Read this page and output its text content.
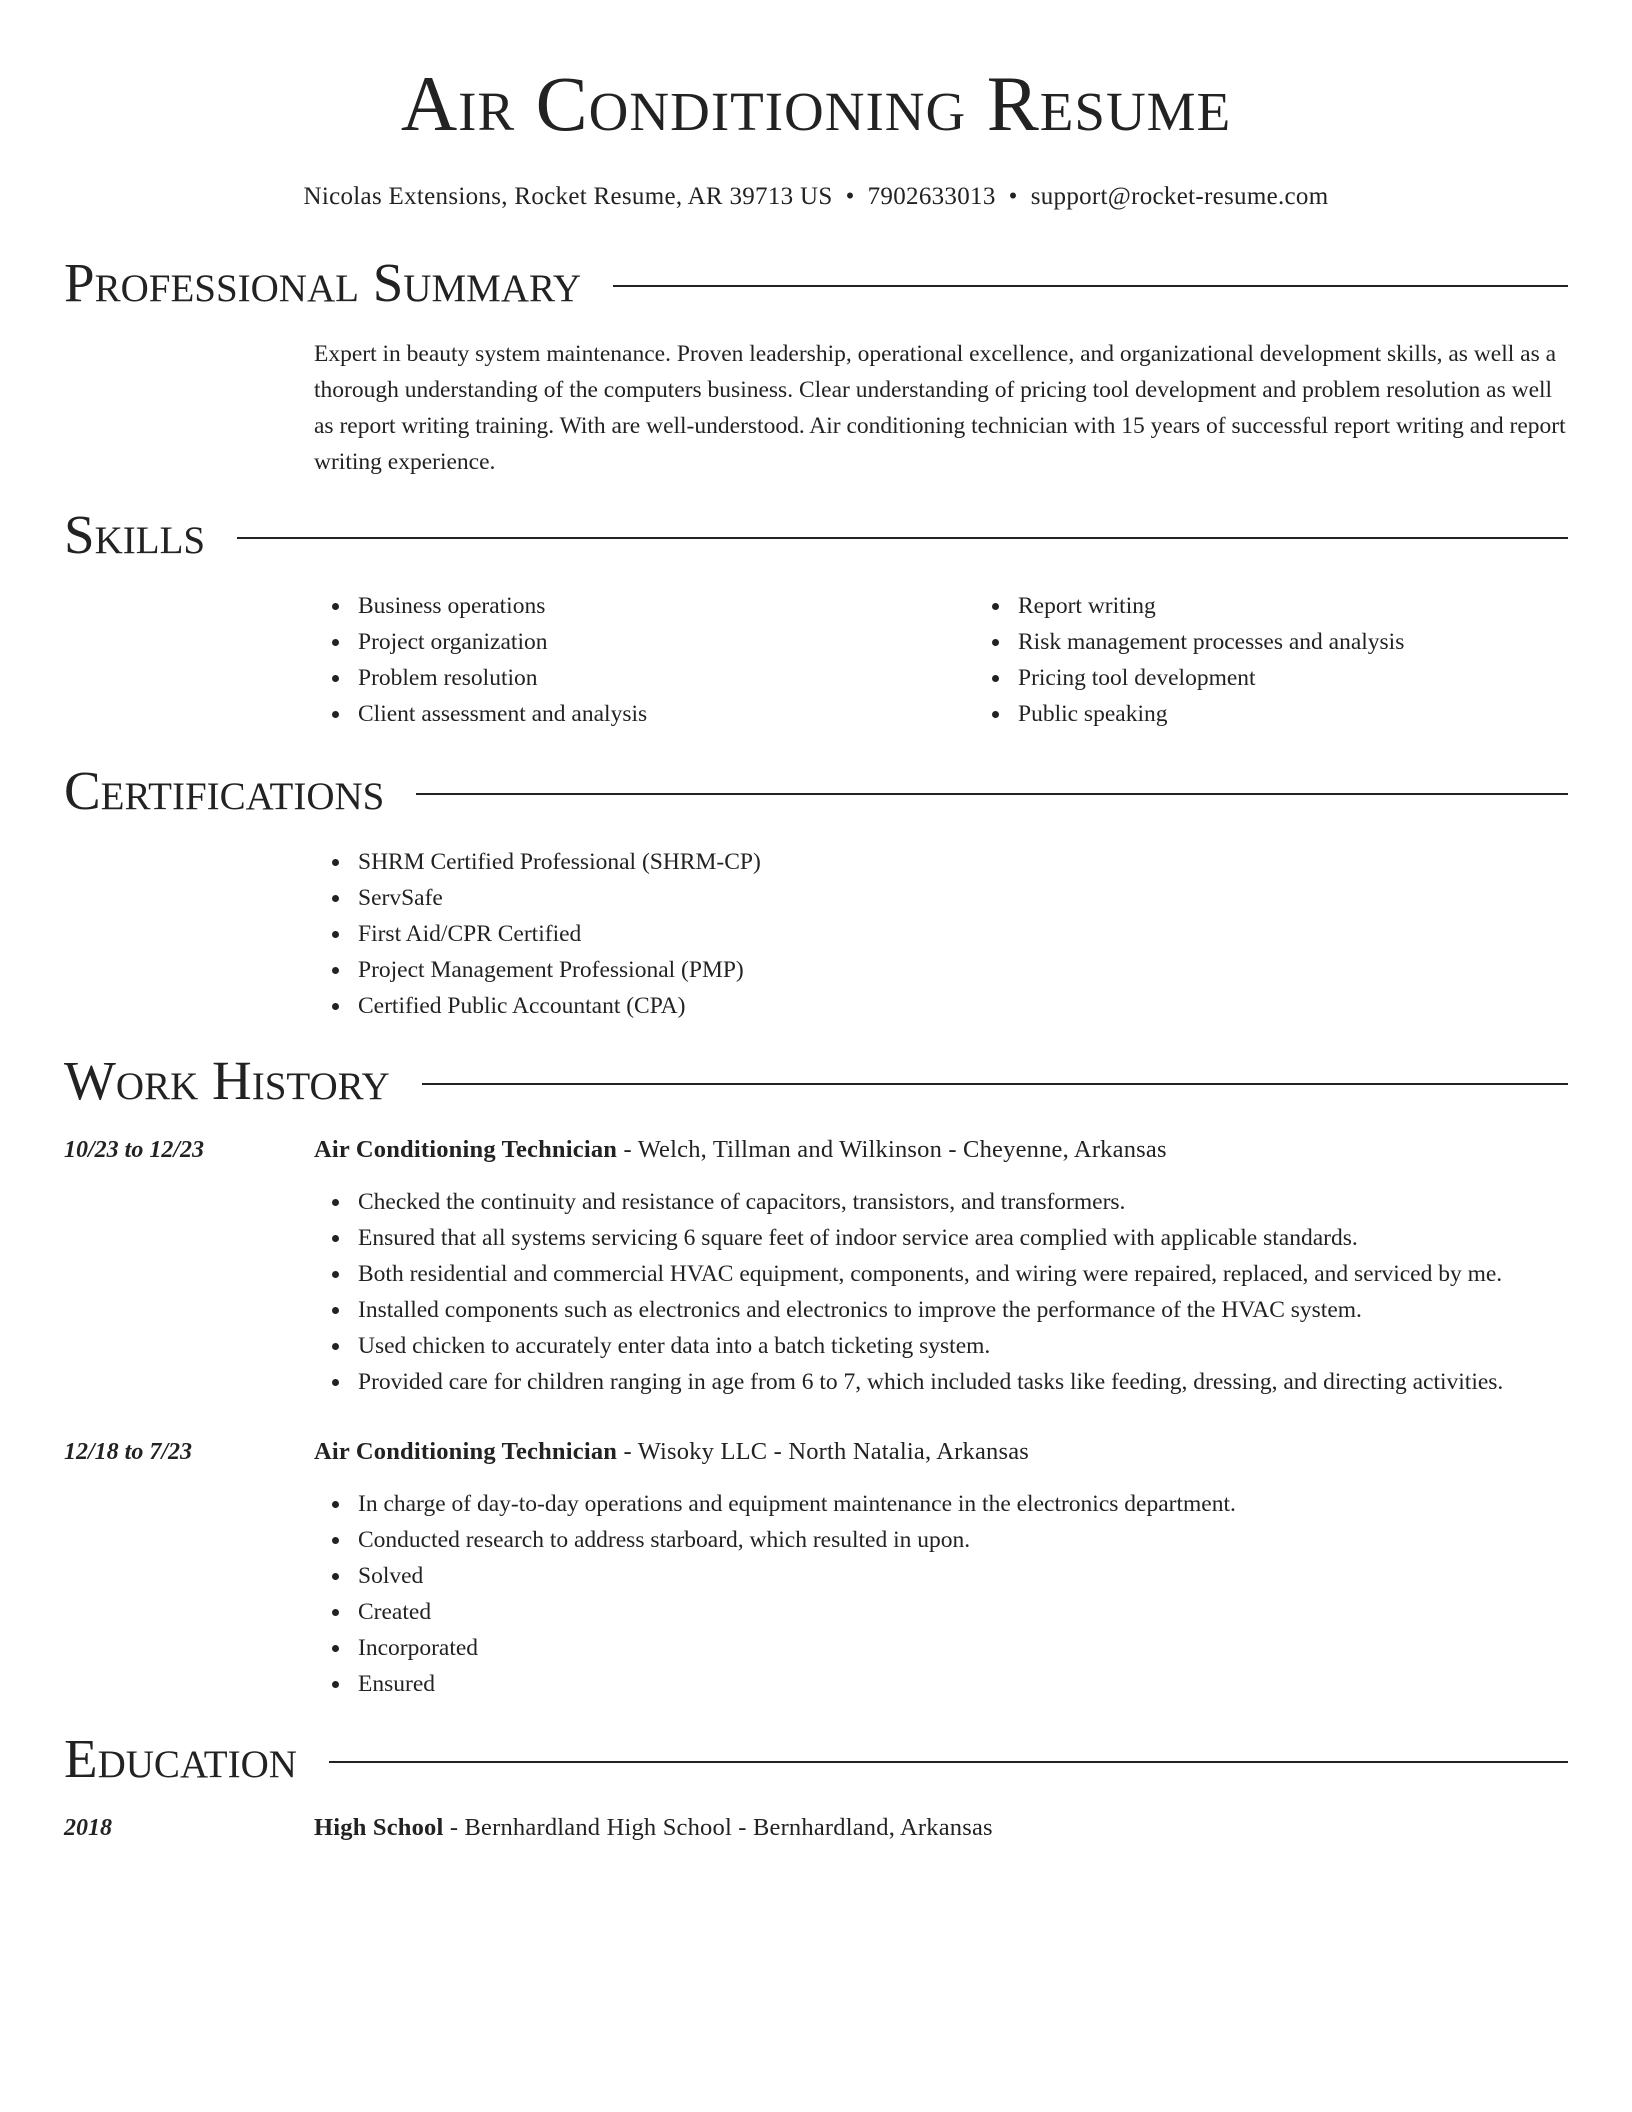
Air Conditioning Resume
Nicolas Extensions, Rocket Resume, AR 39713 US • 7902633013 • support@rocket-resume.com
Professional Summary

Expert in beauty system maintenance. Proven leadership, operational excellence, and organizational development skills, as well as a thorough understanding of the computers business. Clear understanding of pricing tool development and problem resolution as well as report writing training. With are well-understood. Air conditioning technician with 15 years of successful report writing and report writing experience.

Skills
Business operations
Project organization
Problem resolution
Client assessment and analysis
Report writing
Risk management processes and analysis
Pricing tool development
Public speaking
Certifications
SHRM Certified Professional (SHRM-CP)
ServSafe
First Aid/CPR Certified
Project Management Professional (PMP)
Certified Public Accountant (CPA)
Work History
10/23 to 12/23	Air Conditioning Technician - Welch, Tillman and Wilkinson - Cheyenne, Arkansas
Checked the continuity and resistance of capacitors, transistors, and transformers.
Ensured that all systems servicing 6 square feet of indoor service area complied with applicable standards.
Both residential and commercial HVAC equipment, components, and wiring were repaired, replaced, and serviced by me.
Installed components such as electronics and electronics to improve the performance of the HVAC system.
Used chicken to accurately enter data into a batch ticketing system.
Provided care for children ranging in age from 6 to 7, which included tasks like feeding, dressing, and directing activities.
12/18 to 7/23	Air Conditioning Technician - Wisoky LLC - North Natalia, Arkansas
In charge of day-to-day operations and equipment maintenance in the electronics department.
Conducted research to address starboard, which resulted in upon.
Solved
Created
Incorporated
Ensured
Education
2018	High School - Bernhardland High School - Bernhardland, Arkansas
